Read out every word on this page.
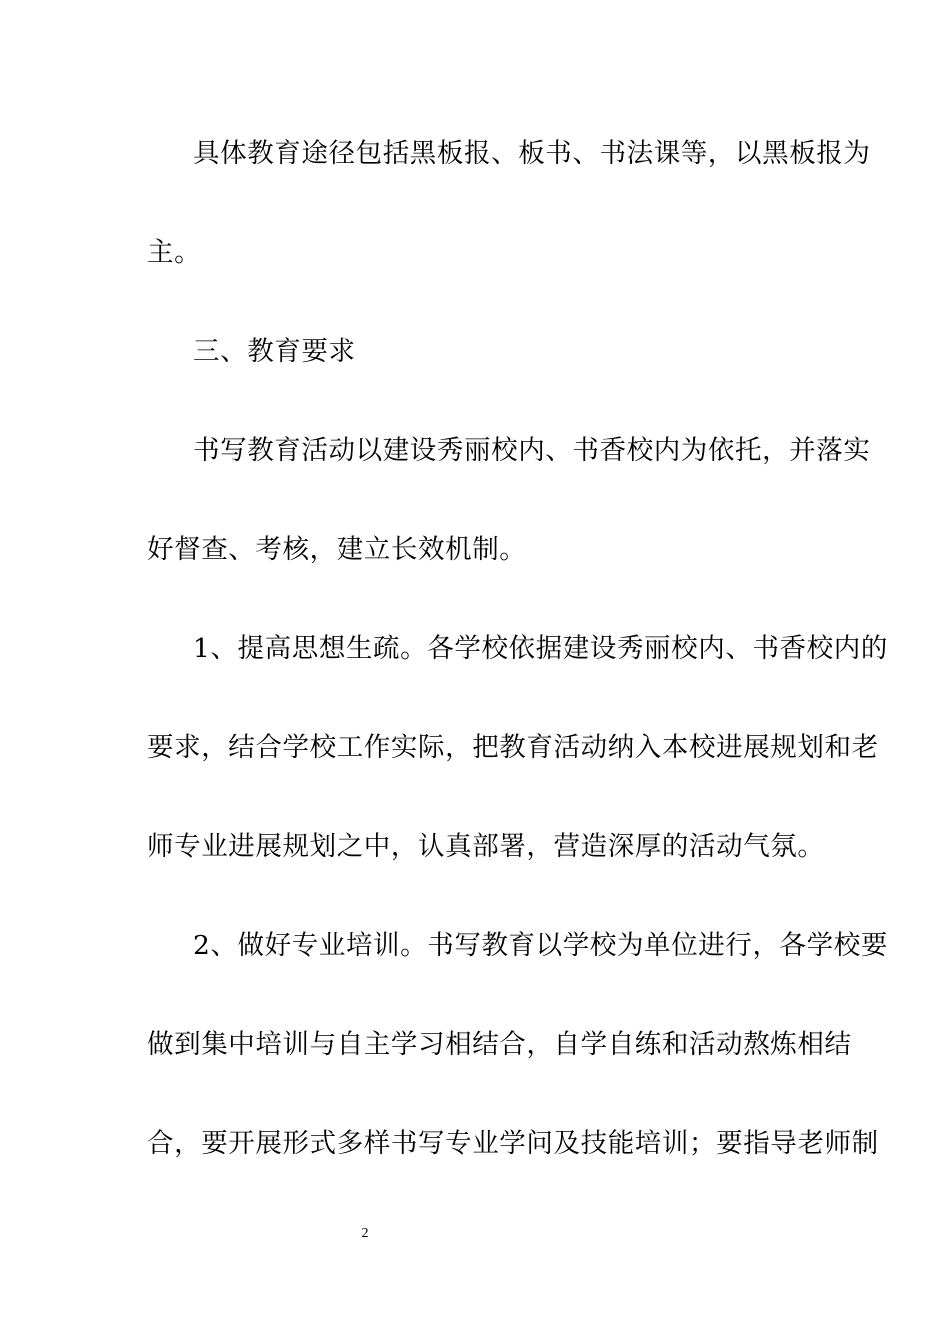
具体教育途径包括黑板报、板书、书法课等，以黑板报为
主。
三、教育要求
书写教育活动以建设秀丽校内、书香校内为依托，并落实
好督查、考核，建立长效机制。
1、提高思想生疏。各学校依据建设秀丽校内、书香校内的
要求，结合学校工作实际，把教育活动纳入本校进展规划和老
师专业进展规划之中，认真部署，营造深厚的活动气氛。
2、做好专业培训。书写教育以学校为单位进行，各学校要
做到集中培训与自主学习相结合，自学自练和活动熬炼相结
合，要开展形式多样书写专业学问及技能培训；要指导老师制
2
